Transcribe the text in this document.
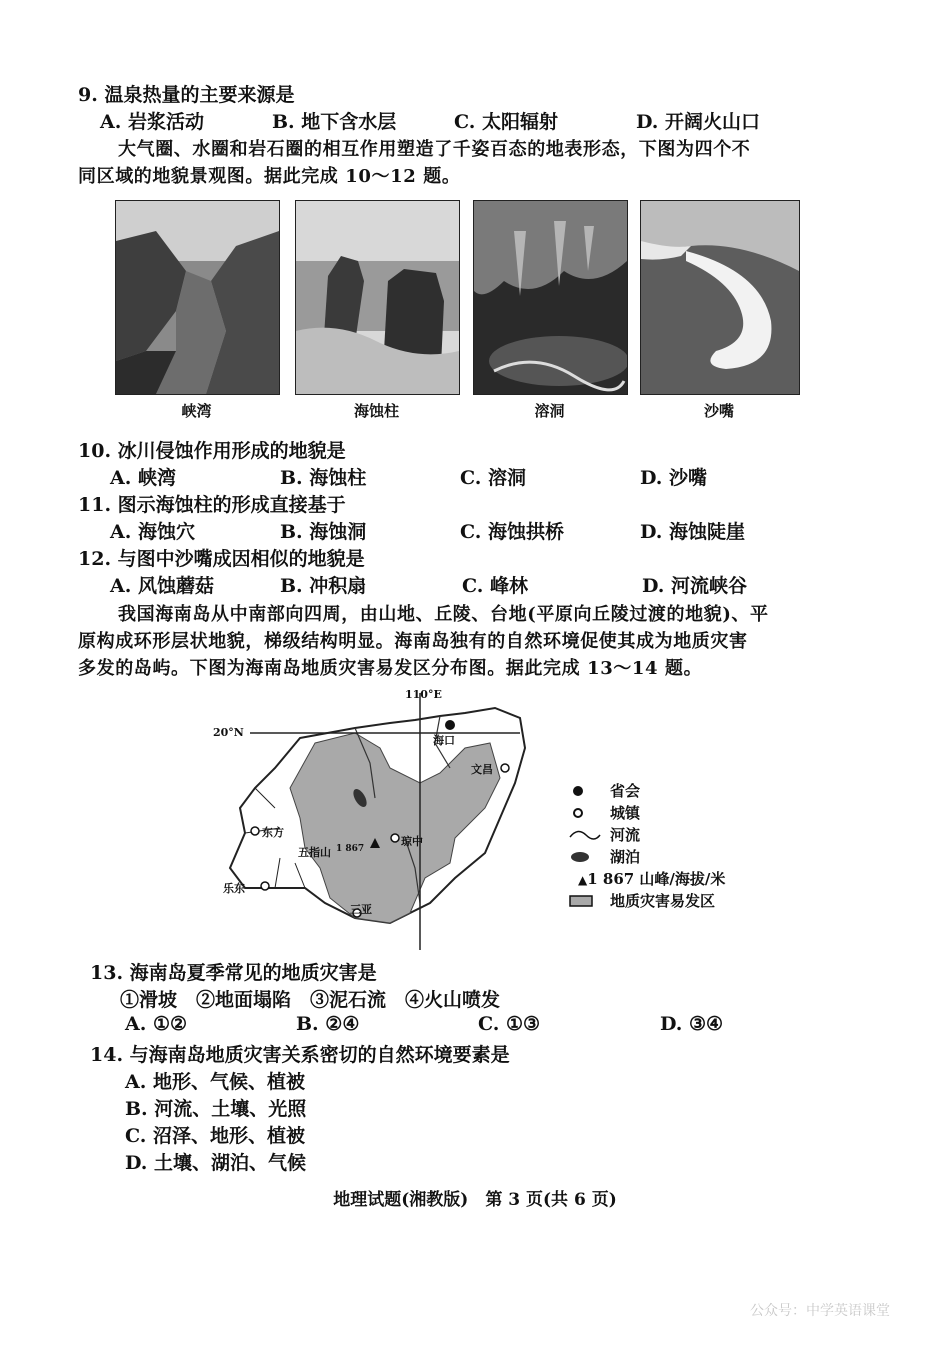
9. 温泉热量的主要来源是
A. 岩浆活动	B. 地下含水层	C. 太阳辐射	D. 开阔火山口
大气圈、水圈和岩石圈的相互作用塑造了千姿百态的地表形态，下图为四个不
同区域的地貌景观图。据此完成 10～12 题。
峡湾	海蚀柱	溶洞	沙嘴
10. 冰川侵蚀作用形成的地貌是
A. 峡湾	B. 海蚀柱	C. 溶洞	D. 沙嘴
11. 图示海蚀柱的形成直接基于
A. 海蚀穴	B. 海蚀洞	C. 海蚀拱桥	D. 海蚀陡崖
12. 与图中沙嘴成因相似的地貌是
A. 风蚀蘑菇	B. 冲积扇	C. 峰林	D. 河流峡谷
我国海南岛从中南部向四周，由山地、丘陵、台地(平原向丘陵过渡的地貌)、平
原构成环形层状地貌，梯级结构明显。海南岛独有的自然环境促使其成为地质灾害
多发的岛屿。下图为海南岛地质灾害易发区分布图。据此完成 13～14 题。
110°E
20°N
海口
文昌
东方
五指山 1 867
琼中
乐东
三亚
省会
城镇
河流
湖泊
▲1 867 山峰/海拔/米
地质灾害易发区
13. 海南岛夏季常见的地质灾害是
①滑坡　②地面塌陷　③泥石流　④火山喷发
A. ①②	B. ②④	C. ①③	D. ③④
14. 与海南岛地质灾害关系密切的自然环境要素是
A. 地形、气候、植被
B. 河流、土壤、光照
C. 沼泽、地形、植被
D. 土壤、湖泊、气候
地理试题(湘教版)　第 3 页(共 6 页)
公众号：中学英语课堂
